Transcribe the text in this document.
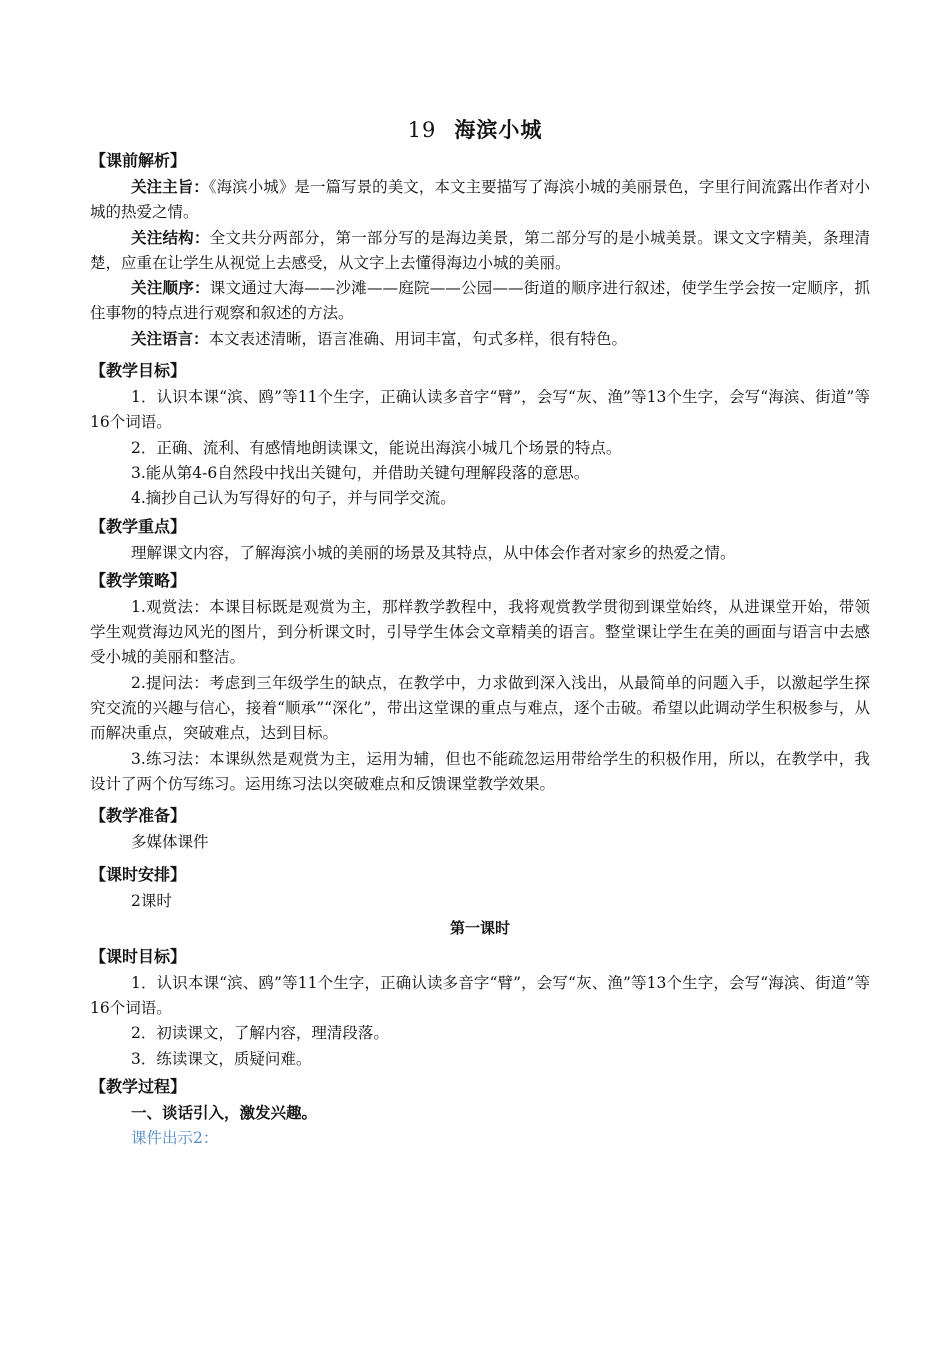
19 海滨小城
【课前解析】
关注主旨：《海滨小城》是一篇写景的美文，本文主要描写了海滨小城的美丽景色，字里行间流露出作者对小城的热爱之情。
关注结构：全文共分两部分，第一部分写的是海边美景，第二部分写的是小城美景。课文文字精美，条理清楚，应重在让学生从视觉上去感受，从文字上去懂得海边小城的美丽。
关注顺序：课文通过大海——沙滩——庭院——公园——街道的顺序进行叙述，使学生学会按一定顺序，抓住事物的特点进行观察和叙述的方法。
关注语言：本文表述清晰，语言准确、用词丰富，句式多样，很有特色。
【教学目标】
1．认识本课“滨、鸥”等11个生字，正确认读多音字“臂”，会写“灰、渔”等13个生字，会写“海滨、街道”等16个词语。
2．正确、流利、有感情地朗读课文，能说出海滨小城几个场景的特点。
3.能从第4-6自然段中找出关键句，并借助关键句理解段落的意思。
4.摘抄自己认为写得好的句子，并与同学交流。
【教学重点】
理解课文内容，了解海滨小城的美丽的场景及其特点，从中体会作者对家乡的热爱之情。
【教学策略】
1.观赏法：本课目标既是观赏为主，那样教学教程中，我将观赏教学贯彻到课堂始终，从进课堂开始，带领学生观赏海边风光的图片，到分析课文时，引导学生体会文章精美的语言。整堂课让学生在美的画面与语言中去感受小城的美丽和整洁。
2.提问法：考虑到三年级学生的缺点，在教学中，力求做到深入浅出，从最简单的问题入手，以激起学生探究交流的兴趣与信心，接着“顺承”“深化”，带出这堂课的重点与难点，逐个击破。希望以此调动学生积极参与，从而解决重点，突破难点，达到目标。
3.练习法：本课纵然是观赏为主，运用为辅，但也不能疏忽运用带给学生的积极作用，所以，在教学中，我设计了两个仿写练习。运用练习法以突破难点和反馈课堂教学效果。
【教学准备】
多媒体课件
【课时安排】
2课时
第一课时
【课时目标】
1．认识本课“滨、鸥”等11个生字，正确认读多音字“臂”，会写“灰、渔”等13个生字，会写“海滨、街道”等16个词语。
2．初读课文，了解内容，理清段落。
3．练读课文，质疑问难。
【教学过程】
一、谈话引入，激发兴趣。
课件出示2：
